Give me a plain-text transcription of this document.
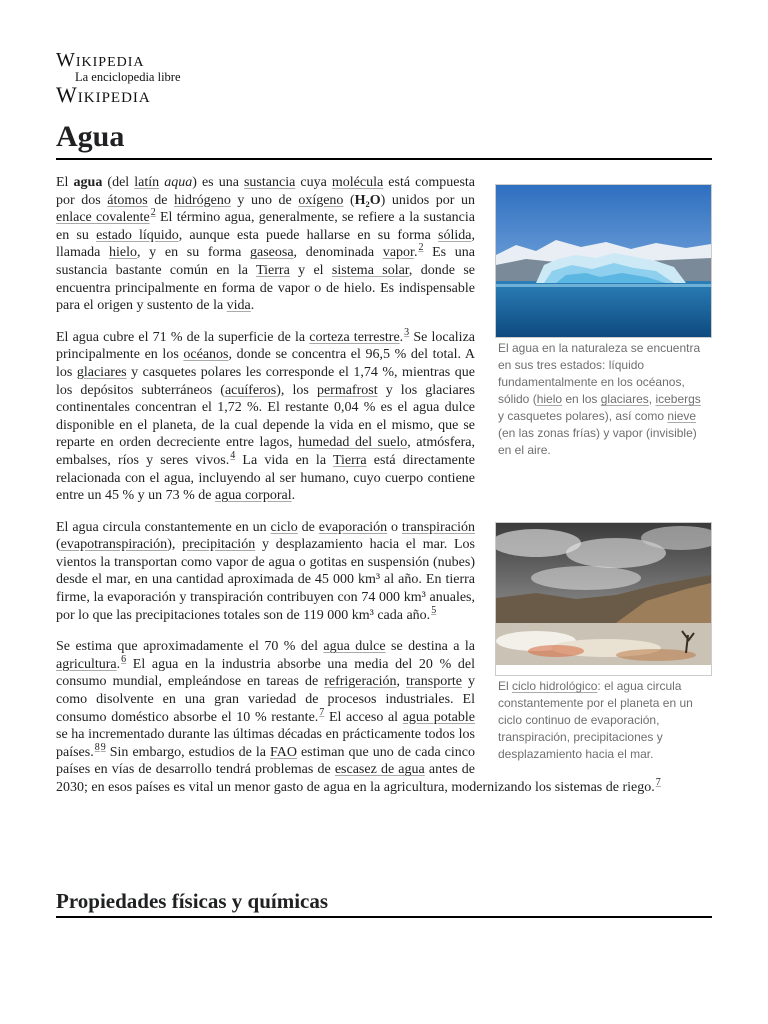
Wikipedia
La enciclopedia libre
Wikipedia
Agua
El agua en la naturaleza se encuentra en sus tres estados: líquido fundamentalmente en los océanos, sólido (hielo en los glaciares, icebergs y casquetes polares), así como nieve (en las zonas frías) y vapor (invisible) en el aire.
El ciclo hidrológico: el agua circula constantemente por el planeta en un ciclo continuo de evaporación, transpiración, precipitaciones y desplazamiento hacia el mar.

El agua (del latín aqua) es una sustancia cuya molécula está compuesta por dos átomos de hidrógeno y uno de oxígeno (H₂O) unidos por un enlace covalente$^2$ El término agua, generalmente, se refiere a la sustancia en su estado líquido, aunque esta puede hallarse en su forma sólida, llamada hielo, y en su forma gaseosa, denominada vapor.$^2$ Es una sustancia bastante común en la Tierra y el sistema solar, donde se encuentra principalmente en forma de vapor o de hielo. Es indispensable para el origen y sustento de la vida.

El agua cubre el 71 % de la superficie de la corteza terrestre.$^3$ Se localiza principalmente en los océanos, donde se concentra el 96,5 % del total. A los glaciares y casquetes polares les corresponde el 1,74 %, mientras que los depósitos subterráneos (acuíferos), los permafrost y los glaciares continentales concentran el 1,72 %. El restante 0,04 % es el agua dulce disponible en el planeta, de la cual depende la vida en el mismo, que se reparte en orden decreciente entre lagos, humedad del suelo, atmósfera, embalses, ríos y seres vivos.$^4$ La vida en la Tierra está directamente relacionada con el agua, incluyendo al ser humano, cuyo cuerpo contiene entre un 45 % y un 73 % de agua corporal.

El agua circula constantemente en un ciclo de evaporación o transpiración (evapotranspiración), precipitación y desplazamiento hacia el mar. Los vientos la transportan como vapor de agua o gotitas en suspensión (nubes) desde el mar, en una cantidad aproximada de 45 000 km³ al año. En tierra firme, la evaporación y transpiración contribuyen con 74 000 km³ anuales, por lo que las precipitaciones totales son de 119 000 km³ cada año.$^5$

Se estima que aproximadamente el 70 % del agua dulce se destina a la agricultura.$^6$ El agua en la industria absorbe una media del 20 % del consumo mundial, empleándose en tareas de refrigeración, transporte y como disolvente en una gran variedad de procesos industriales. El consumo doméstico absorbe el 10 % restante.$^7$ El acceso al agua potable se ha incrementado durante las últimas décadas en prácticamente todos los países.$^{89}$ Sin embargo, estudios de la FAO estiman que uno de cada cinco países en vías de desarrollo tendrá problemas de escasez de agua antes de 2030; en esos países es vital un menor gasto de agua en la agricultura, modernizando los sistemas de riego.$^7$

Propiedades físicas y químicas
